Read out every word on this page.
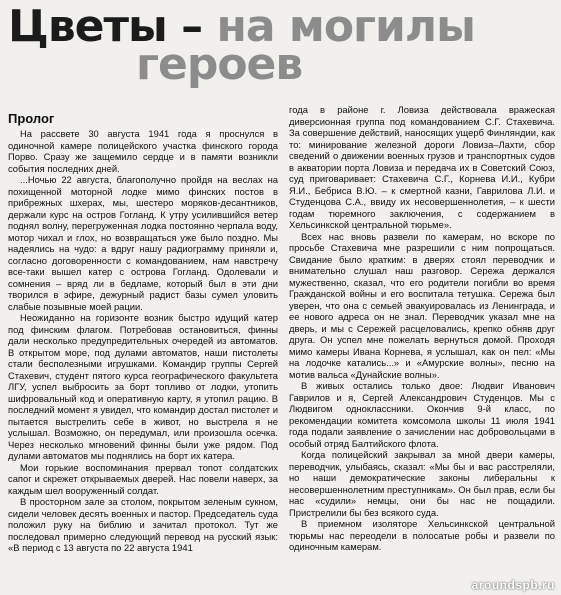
Цветы – на могилы
героев
Пролог

На рассвете 30 августа 1941 года я проснулся в одиночной камере полицейского участка финского города Порво. Сразу же защемило сердце и в памяти возникли события последних дней.

...Ночью 22 августа, благополучно пройдя на веслах на похищенной моторной лодке мимо финских постов в прибрежных шхерах, мы, шестеро моряков-десантников, держали курс на остров Гогланд. К утру усилившийся ветер поднял волну, перегруженная лодка постоянно черпала воду, мотор чихал и глох, но возвращаться уже было поздно. Мы надеялись на чудо: а вдруг нашу радиограмму приняли и, согласно договоренности с командованием, нам навстречу все-таки вышел катер с острова Гогланд. Одолевали и сомнения – вряд ли в бедламе, который был в эти дни творился в эфире, дежурный радист базы сумел уловить слабые позывные моей рации.

Неожиданно на горизонте возник быстро идущий катер под финским флагом. Потребовав остановиться, финны дали несколько предупредительных очередей из автоматов. В открытом море, под дулами автоматов, наши пистолеты стали бесполезными игрушками. Командир группы Сергей Стахевич, студент пятого курса географического факультета ЛГУ, успел выбросить за борт топливо от лодки, утопить шифровальный код и оперативную карту, я утопил рацию. В последний момент я увидел, что командир достал пистолет и пытается выстрелить себе в живот, но выстрела я не услышал. Возможно, он передумал, или произошла осечка. Через несколько мгновений финны были уже рядом. Под дулами автоматов мы поднялись на борт их катера.

Мои горькие воспоминания прервал топот солдатских сапог и скрежет открываемых дверей. Нас повели наверх, за каждым шел вооруженный солдат.

В просторном зале за столом, покрытом зеленым сукном, сидели человек десять военных и пастор. Председатель суда положил руку на библию и зачитал протокол. Тут же последовал примерно следующий перевод на русский язык: «В период с 13 августа по 22 августа 1941

года в районе г. Ловиза действовала вражеская диверсионная группа под командованием С.Г. Стахевича. За совершение действий, наносящих ущерб Финляндии, как то: минирование железной дороги Ловиза–Лахти, сбор сведений о движении военных грузов и транспортных судов в акватории порта Ловиза и передача их в Советский Союз, суд приговаривает: Стахевича С.Г., Корнева И.И., Кубри Я.И., Бебриса В.Ю. – к смертной казни, Гаврилова Л.И. и Студенцова С.А., ввиду их несовершеннолетия, – к шести годам тюремного заключения, с содержанием в Хельсинкской центральной тюрьме».

Всех нас вновь развели по камерам, но вскоре по просьбе Стахевича мне разрешили с ним попрощаться. Свидание было кратким: в дверях стоял переводчик и внимательно слушал наш разговор. Сережа держался мужественно, сказал, что его родители погибли во время Гражданской войны и его воспитала тетушка. Сережа был уверен, что она с семьей эвакуировалась из Ленинграда, и ее нового адреса он не знал. Переводчик указал мне на дверь, и мы с Сережей расцеловались, крепко обняв друг друга. Он успел мне пожелать вернуться домой. Проходя мимо камеры Ивана Корнева, я услышал, как он пел: «Мы на лодочке катались...» и «Амурские волны», песню на мотив вальса «Дунайские волны».

В живых остались только двое: Людвиг Иванович Гаврилов и я, Сергей Александрович Студенцов. Мы с Людвигом одноклассники. Окончив 9-й класс, по рекомендации комитета комсомола школы 11 июля 1941 года подали заявление о зачислении нас добровольцами в особый отряд Балтийского флота.

Когда полицейский закрывал за мной двери камеры, переводчик, улыбаясь, сказал: «Мы бы и вас расстреляли, но наши демократические законы либеральны к несовершеннолетним преступникам». Он был прав, если бы нас «судили» немцы, они бы нас не пощадили. Пристрелили бы без всякого суда.

В приемном изоляторе Хельсинкской центральной тюрьмы нас переодели в полосатые робы и развели по одиночным камерам.

aroundspb.ru
